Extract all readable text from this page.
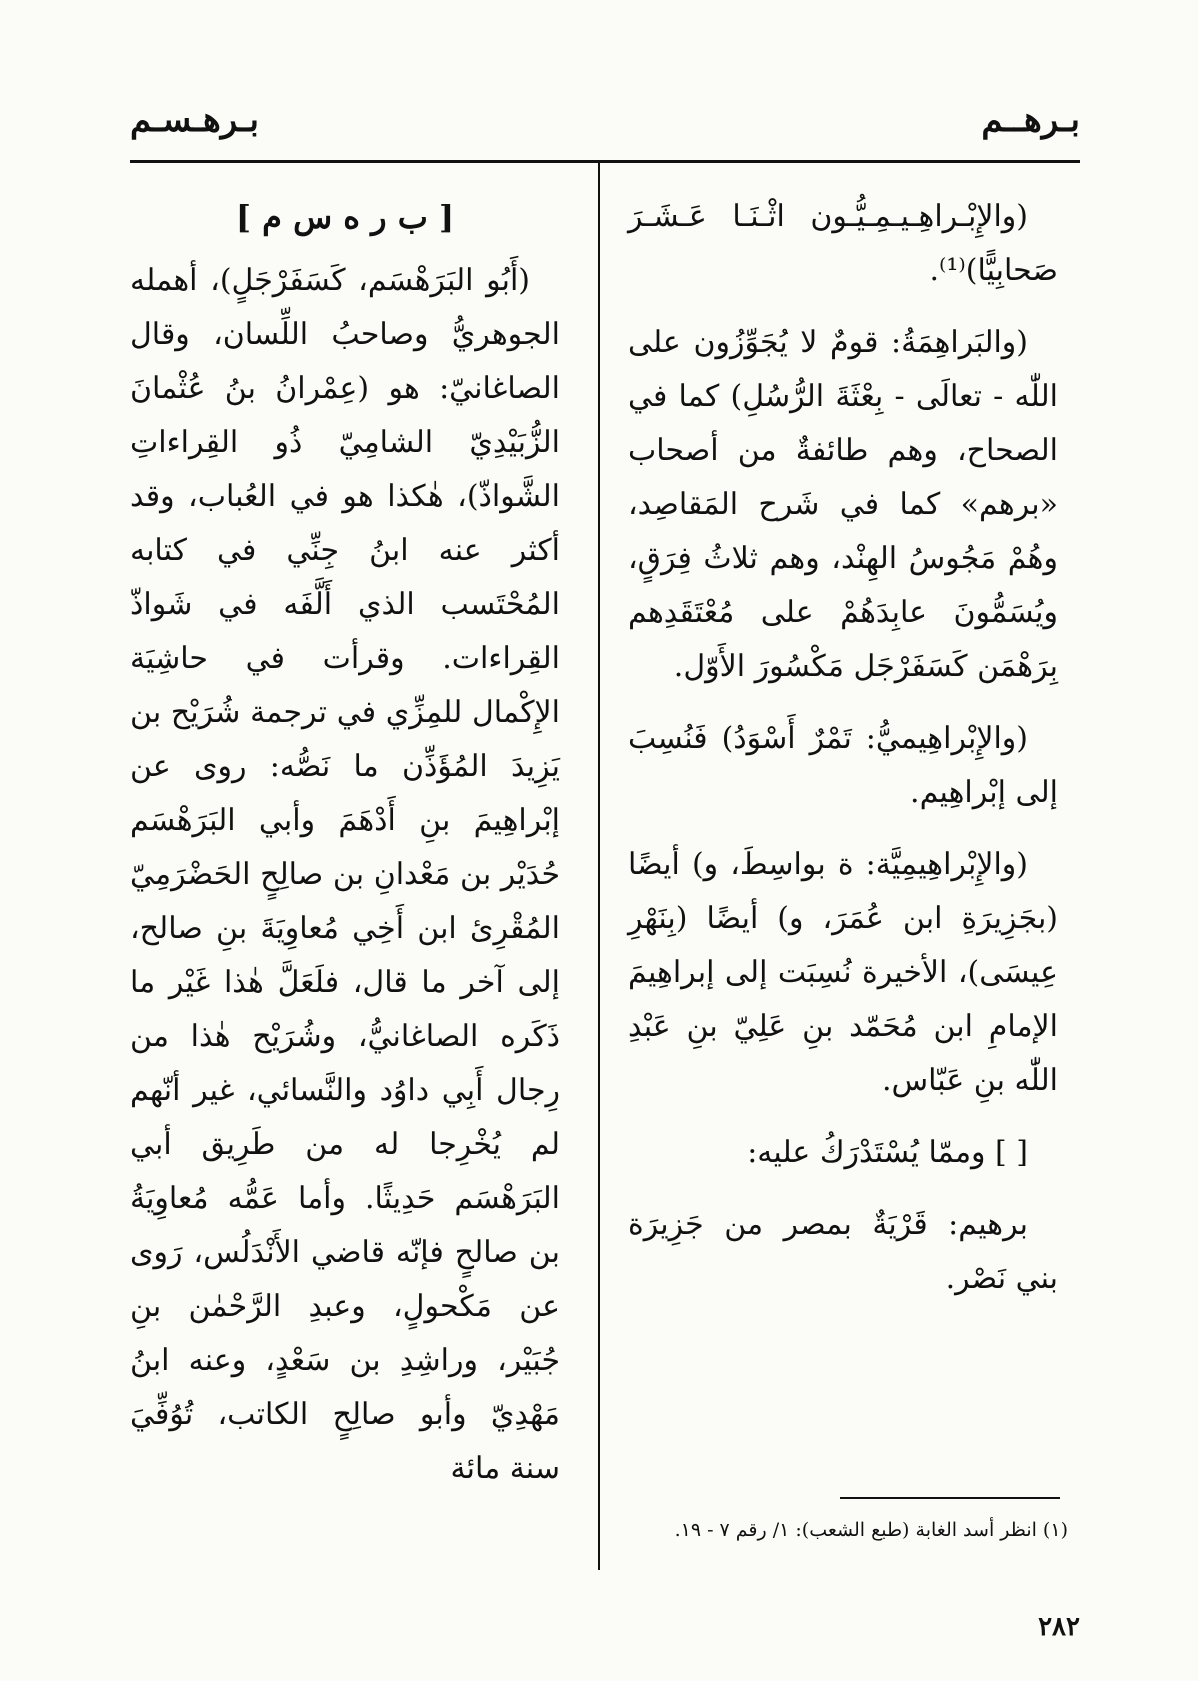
بـرهــم
بـرهـسـم

(والإِبْـراهِـيـمِـيُّـون اثْـنَـا عَـشَـرَ صَحابِيًّا)⁽¹⁾.

(والبَراهِمَةُ: قومٌ لا يُجَوِّزُون على اللّٰه - تعالَى - بِعْثَةَ الرُّسُلِ) كما في الصحاح، وهم طائفةٌ من أصحاب «برهم» كما في شَرح المَقاصِد، وهُمْ مَجُوسُ الهِنْد، وهم ثلاثُ فِرَقٍ، ويُسَمُّونَ عابِدَهُمْ على مُعْتَقَدِهم بِرَهْمَن كَسَفَرْجَل مَكْسُورَ الأَوّل.

(والإِبْراهِيميُّ: تَمْرٌ أَسْوَدُ) فَنُسِبَ إلى إبْراهِيم.

(والإِبْراهِيمِيَّة: ة بواسِطَ، و) أيضًا (بجَزِيرَةِ ابن عُمَرَ، و) أيضًا (بِنَهْرِ عِيسَى)، الأخيرة نُسِبَت إلى إبراهِيمَ الإمامِ ابن مُحَمّد بنِ عَلِيّ بنِ عَبْدِ اللّٰه بنِ عَبّاس.

[ ] وممّا يُسْتَدْرَكُ عليه:

برهيم: قَرْيَةٌ بمصر من جَزِيرَة بني نَصْر.

[ ب ر ه س م ]

(أَبُو البَرَهْسَم، كَسَفَرْجَلٍ)، أهمله الجوهريُّ وصاحبُ اللِّسان، وقال الصاغانيّ: هو (عِمْرانُ بنُ عُثْمانَ الزُّبَيْدِيّ الشامِيّ ذُو القِراءاتِ الشَّواذّ)، هٰكذا هو في العُباب، وقد أكثر عنه ابنُ جِنِّي في كتابه المُحْتَسب الذي أَلَّفَه في شَواذّ القِراءات. وقرأت في حاشِيَة الإِكْمال للمِزِّي في ترجمة شُرَيْح بن يَزِيدَ المُؤَذِّن ما نَصُّه: روى عن إبْراهِيمَ بنِ أَدْهَمَ وأبي البَرَهْسَم حُدَيْر بن مَعْدانِ بن صالِحٍ الحَضْرَمِيّ المُقْرِئ ابن أَخِي مُعاوِيَةَ بنِ صالح، إلى آخر ما قال، فلَعَلَّ هٰذا غَيْر ما ذَكَره الصاغانيُّ، وشُرَيْح هٰذا من رِجال أَبِي داوُد والنَّسائي، غير أنّهم لم يُخْرِجا له من طَرِيق أبي البَرَهْسَم حَدِيثًا. وأما عَمُّه مُعاوِيَةُ بن صالحٍ فإنّه قاضي الأَنْدَلُس، رَوى عن مَكْحولٍ، وعبدِ الرَّحْمٰن بنِ جُبَيْر، وراشِدِ بن سَعْدٍ، وعنه ابنُ مَهْدِيّ وأبو صالِحٍ الكاتب، تُوُفِّيَ سنة مائة

(١) انظر أسد الغابة (طبع الشعب): ١/ رقم ٧ - ١٩.
٢٨٢
